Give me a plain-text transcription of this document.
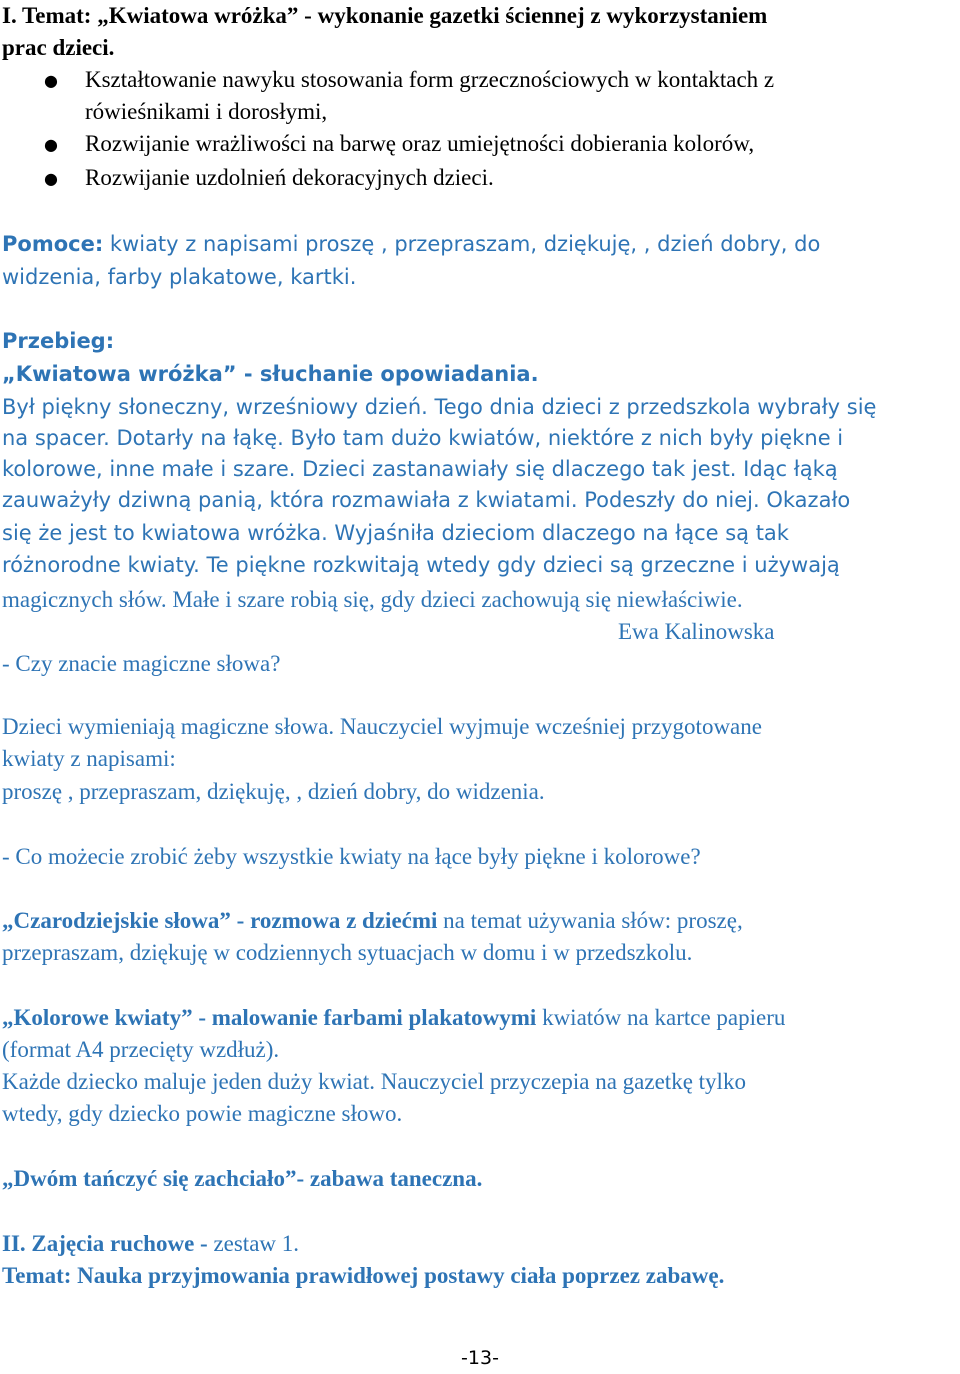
I. Temat: „Kwiatowa wróżka” - wykonanie gazetki ściennej z wykorzystaniem
prac dzieci.
● Kształtowanie nawyku stosowania form grzecznościowych w kontaktach z
rówieśnikami i dorosłymi,
● Rozwijanie wrażliwości na barwę oraz umiejętności dobierania kolorów,
● Rozwijanie uzdolnień dekoracyjnych dzieci.
Pomoce: kwiaty z napisami proszę , przepraszam, dziękuję, , dzień dobry, do
widzenia, farby plakatowe, kartki.
Przebieg:
„Kwiatowa wróżka” - słuchanie opowiadania.
Był piękny słoneczny, wrześniowy dzień. Tego dnia dzieci z przedszkola wybrały się
na spacer. Dotarły na łąkę. Było tam dużo kwiatów, niektóre z nich były piękne i
kolorowe, inne małe i szare. Dzieci zastanawiały się dlaczego tak jest. Idąc łąką
zauważyły dziwną panią, która rozmawiała z kwiatami. Podeszły do niej. Okazało
się że jest to kwiatowa wróżka. Wyjaśniła dzieciom dlaczego na łące są tak
różnorodne kwiaty. Te piękne rozkwitają wtedy gdy dzieci są grzeczne i używają
magicznych słów. Małe i szare robią się, gdy dzieci zachowują się niewłaściwie.
Ewa Kalinowska
- Czy znacie magiczne słowa?
Dzieci wymieniają magiczne słowa. Nauczyciel wyjmuje wcześniej przygotowane
kwiaty z napisami:
proszę , przepraszam, dziękuję, , dzień dobry, do widzenia.
- Co możecie zrobić żeby wszystkie kwiaty na łące były piękne i kolorowe?
„Czarodziejskie słowa” - rozmowa z dziećmi na temat używania słów: proszę,
przepraszam, dziękuję w codziennych sytuacjach w domu i w przedszkolu.
„Kolorowe kwiaty” - malowanie farbami plakatowymi kwiatów na kartce papieru
(format A4 przecięty wzdłuż).
Każde dziecko maluje jeden duży kwiat. Nauczyciel przyczepia na gazetkę tylko
wtedy, gdy dziecko powie magiczne słowo.
„Dwóm tańczyć się zachciało”- zabawa taneczna.
II. Zajęcia ruchowe - zestaw 1.
Temat: Nauka przyjmowania prawidłowej postawy ciała poprzez zabawę.
-13-
